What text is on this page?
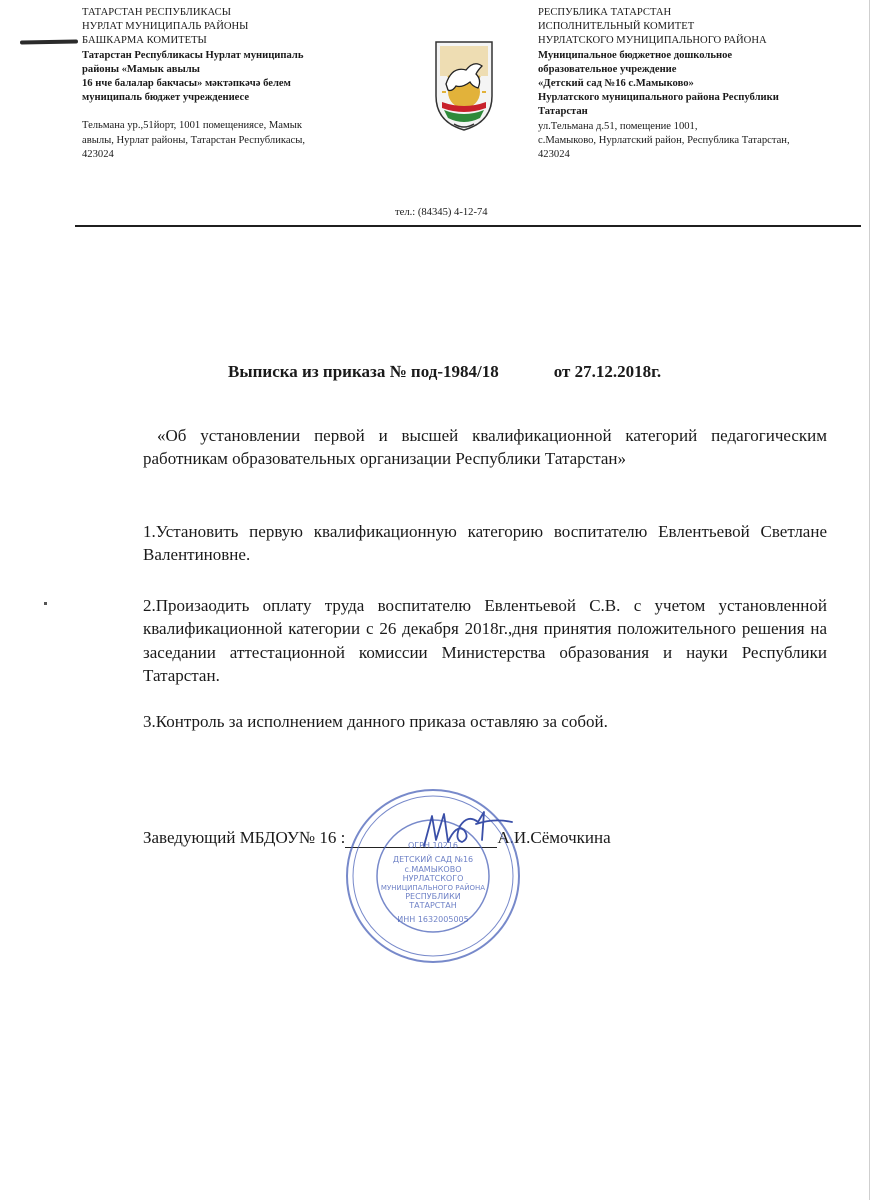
ТАТАРСТАН РЕСПУБЛИКАСЫ
НУРЛАТ МУНИЦИПАЛЬ РАЙОНЫ
БАШКАРМА КОМИТЕТЫ
Татарстан Республикасы Нурлат муниципаль
районы «Мамык авылы
16 нче балалар бакчасы» мәктәпкәчә белем
муниципаль бюджет учреждениесе
Тельмана ур.,51йорт, 1001 помещениясе, Мамык
авылы, Нурлат районы, Татарстан Республикасы,
423024
РЕСПУБЛИКА ТАТАРСТАН
ИСПОЛНИТЕЛЬНЫЙ КОМИТЕТ
НУРЛАТСКОГО МУНИЦИПАЛЬНОГО РАЙОНА
Муниципальное бюджетное дошкольное
образовательное учреждение
«Детский сад №16 с.Мамыково»
Нурлатского муниципального района Республики
Татарстан
ул.Тельмана д.51, помещение 1001,
с.Мамыково, Нурлатский район, Республика Татарстан,
423024
тел.: (84345) 4-12-74
Выписка из приказа № под-1984/18	от 27.12.2018г.
«Об установлении первой и высшей квалификационной категорий педагогическим работникам образовательных организации Республики Татарстан»
1.Установить первую квалификационную категорию воспитателю Евлентьевой Светлане Валентиновне.
2.Произаодить оплату труда воспитателю Евлентьевой С.В. с учетом установленной квалификационной категории с 26 декабря 2018г.,дня принятия положительного решения на заседании аттестационной комиссии Министерства образования и науки Республики Татарстан.
3.Контроль за исполнением данного приказа оставляю за собой.
Заведующий МБДОУ№ 16 :	А.И.Сёмочкина
ОГРН 10216
ДЕТСКИЙ САД №16
с.МАМЫКОВО
НУРЛАТСКОГО
МУНИЦИПАЛЬНОГО РАЙОНА
РЕСПУБЛИКИ
ТАТАРСТАН
ИНН 1632005005
